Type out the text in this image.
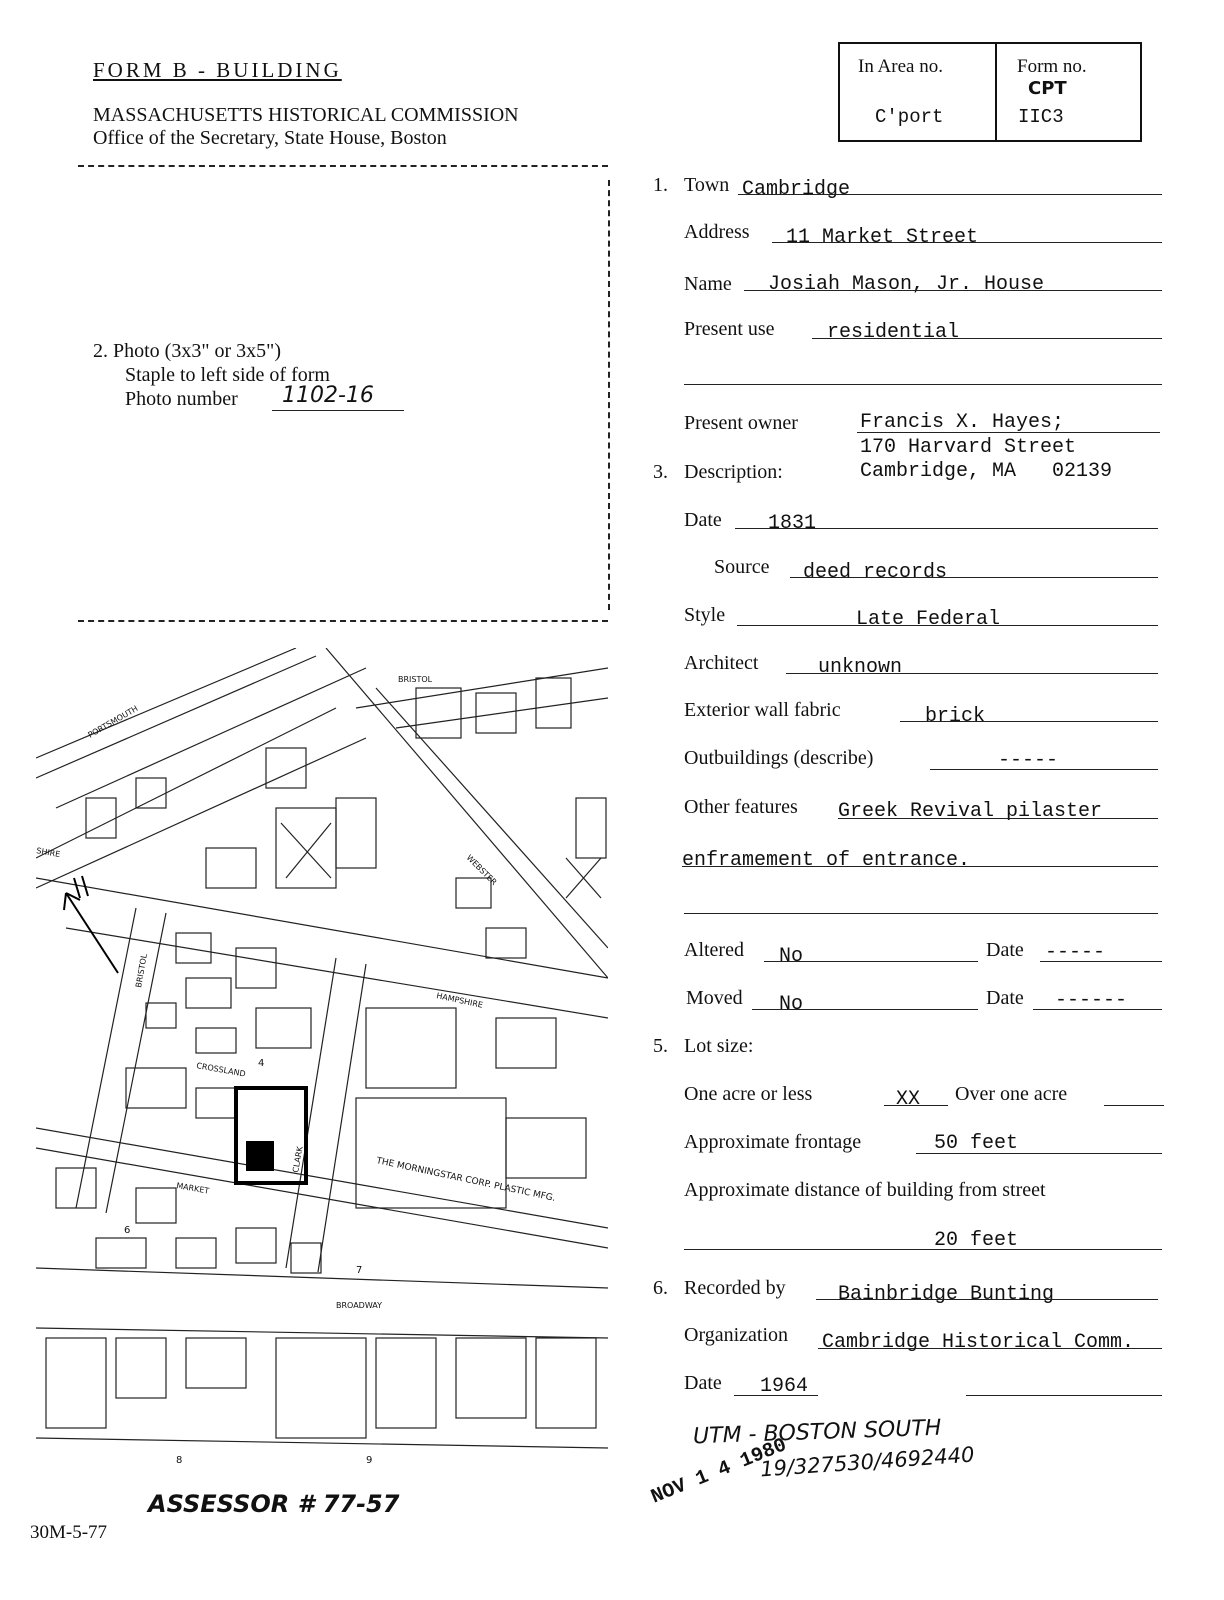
FORM B - BUILDING
MASSACHUSETTS HISTORICAL COMMISSION
Office of the Secretary, State House, Boston
In Area no.
C'port
Form no.
CPT
IIC3
2. Photo (3x3" or 3x5")
Staple to left side of form
Photo number 1102-16
1. Town Cambridge
Address 11 Market Street
Name Josiah Mason, Jr. House
Present use	residential
Present owner	Francis X. Hayes;
170 Harvard Street
Cambridge, MA   02139
3. Description:
Date 1831
Source deed records
Style	Late Federal
Architect	unknown
Exterior wall fabric	brick
Outbuildings (describe)	-----
Other features Greek Revival pilaster
enframement of entrance.
Altered No	Date -----
Moved No	Date ------
5. Lot size:
One acre or less	XX Over one acre
Approximate frontage	50 feet
Approximate distance of building from street
20 feet
6. Recorded by	Bainbridge Bunting
Organization Cambridge Historical Comm.
Date 1964
UTM - BOSTON SOUTH
19/327530/4692440
NOV 1 4 1980
BRISTOL
PORTSMOUTH
WEBSTER
HAMPSHIRE
BRISTOL
CROSSLAND
MARKET
CLARK
BROADWAY
SHIRE
THE MORNINGSTAR CORP. PLASTIC MFG.
4
6
7
8	9
ASSESSOR # 77-57
30M-5-77
